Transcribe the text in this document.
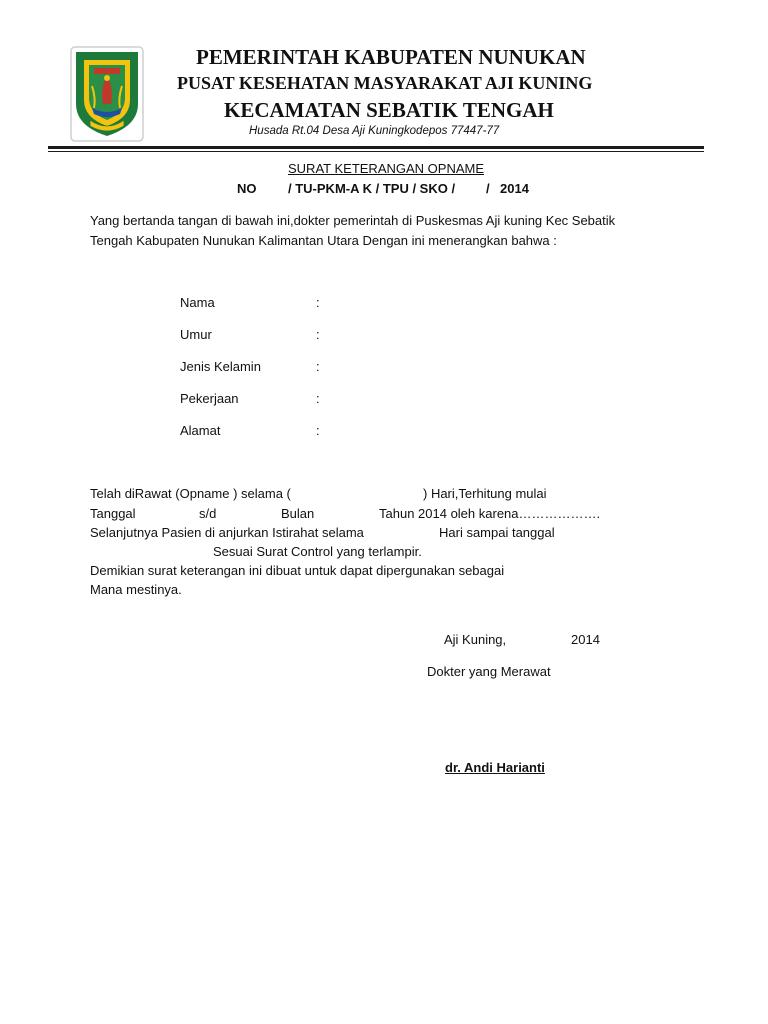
PEMERINTAH KABUPATEN NUNUKAN
PUSAT KESEHATAN MASYARAKAT AJI KUNING
KECAMATAN SEBATIK TENGAH
Husada Rt.04 Desa Aji Kuningkodepos 77447-77
SURAT KETERANGAN OPNAME
NO / TU-PKM-A K / TPU / SKO / / 2014
Yang bertanda tangan di bawah ini,dokter pemerintah di Puskesmas Aji kuning Kec Sebatik
Tengah Kabupaten Nunukan Kalimantan Utara Dengan ini menerangkan bahwa :
Nama	:
Umur	:
Jenis Kelamin	:
Pekerjaan	:
Alamat	:
Telah diRawat (Opname ) selama (	) Hari,Terhitung mulai
Tanggal	s/d	Bulan	Tahun 2014 oleh karena……………….
Selanjutnya Pasien di anjurkan Istirahat selama	Hari sampai tanggal
Sesuai Surat Control yang terlampir.
Demikian surat keterangan ini dibuat untuk dapat dipergunakan sebagai
Mana mestinya.
Aji Kuning,	2014
Dokter yang Merawat
dr. Andi Harianti
